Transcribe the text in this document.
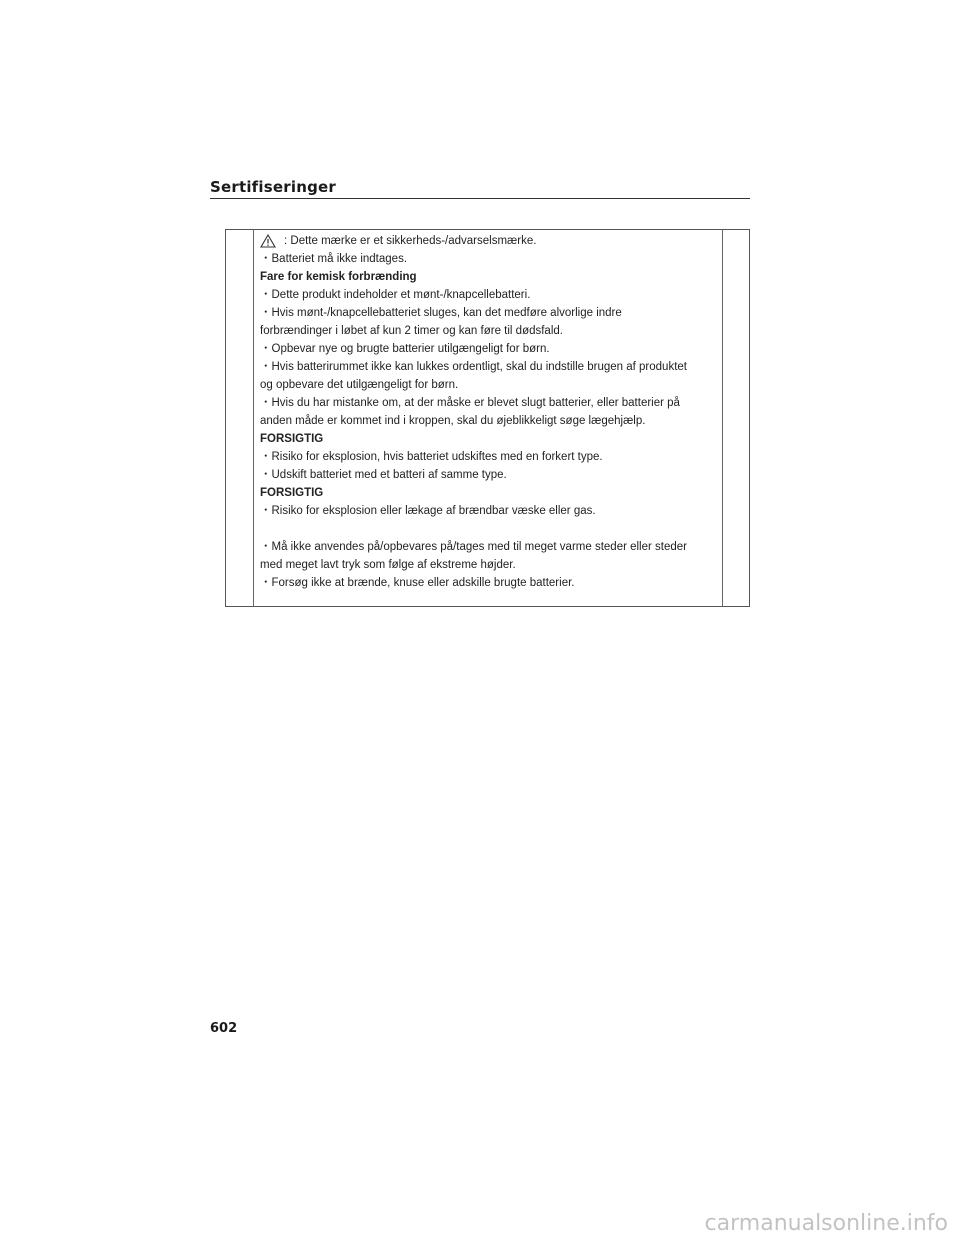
Sertifiseringer
: Dette mærke er et sikkerheds-/advarselsmærke.
・Batteriet må ikke indtages.
Fare for kemisk forbrænding
・Dette produkt indeholder et mønt-/knapcellebatteri.
・Hvis mønt-/knapcellebatteriet sluges, kan det medføre alvorlige indre
forbrændinger i løbet af kun 2 timer og kan føre til dødsfald.
・Opbevar nye og brugte batterier utilgængeligt for børn.
・Hvis batterirummet ikke kan lukkes ordentligt, skal du indstille brugen af produktet
og opbevare det utilgængeligt for børn.
・Hvis du har mistanke om, at der måske er blevet slugt batterier, eller batterier på
anden måde er kommet ind i kroppen, skal du øjeblikkeligt søge lægehjælp.
FORSIGTIG
・Risiko for eksplosion, hvis batteriet udskiftes med en forkert type.
・Udskift batteriet med et batteri af samme type.
FORSIGTIG
・Risiko for eksplosion eller lækage af brændbar væske eller gas.
・Må ikke anvendes på/opbevares på/tages med til meget varme steder eller steder
med meget lavt tryk som følge af ekstreme højder.
・Forsøg ikke at brænde, knuse eller adskille brugte batterier.
602
carmanualsonline.info
